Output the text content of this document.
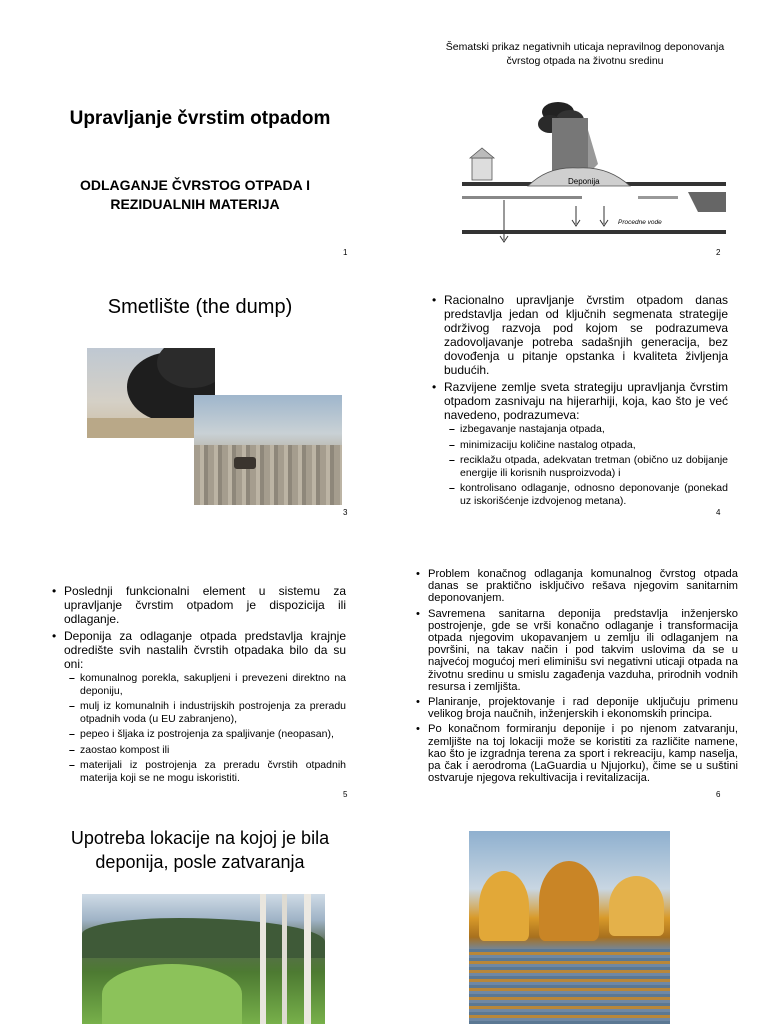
Upravljanje čvrstim otpadom
ODLAGANJE ČVRSTOG OTPADA I REZIDUALNIH MATERIJA
1
Šematski prikaz negativnih uticaja nepravilnog deponovanja čvrstog otpada na životnu sredinu
Deponija
Procedne vode
2
Smetlište (the dump)
3
• Racionalno upravljanje čvrstim otpadom danas predstavlja jedan od ključnih segmenata strategije održivog razvoja pod kojom se podrazumeva zadovoljavanje potreba sadašnjih generacija, bez dovođenja u pitanje opstanka i kvaliteta življenja budućih.
• Razvijene zemlje sveta strategiju upravljanja čvrstim otpadom zasnivaju na hijerarhiji, koja, kao što je već navedeno, podrazumeva:
– izbegavanje nastajanja otpada,
– minimizaciju količine nastalog otpada,
– reciklažu otpada, adekvatan tretman (obično uz dobijanje energije ili korisnih nusproizvoda) i
– kontrolisano odlaganje, odnosno deponovanje (ponekad uz iskorišćenje izdvojenog metana).
4
• Poslednji funkcionalni element u sistemu za upravljanje čvrstim otpadom je dispozicija ili odlaganje.
• Deponija za odlaganje otpada predstavlja krajnje odredište svih nastalih čvrstih otpadaka bilo da su oni:
– komunalnog porekla, sakupljeni i prevezeni direktno na deponiju,
– mulj iz komunalnih i industrijskih postrojenja za preradu otpadnih voda (u EU zabranjeno),
– pepeo i šljaka iz postrojenja za spaljivanje (neopasan),
– zaostao kompost ili
– materijali iz postrojenja za preradu čvrstih otpadnih materija koji se ne mogu iskoristiti.
5
• Problem konačnog odlaganja komunalnog čvrstog otpada danas se praktično isključivo rešava njegovim sanitarnim deponovanjem.
• Savremena sanitarna deponija predstavlja inženjersko postrojenje, gde se vrši konačno odlaganje i transformacija otpada njegovim ukopavanjem u zemlju ili odlaganjem na površini, na takav način i pod takvim uslovima da se u najvećoj mogućoj meri eliminišu svi negativni uticaji otpada na životnu sredinu u smislu zagađenja vazduha, prirodnih vodnih resursa i zemljišta.
• Planiranje, projektovanje i rad deponije uključuju primenu velikog broja naučnih, inženjerskih i ekonomskih principa.
• Po konačnom formiranju deponije i po njenom zatvaranju, zemljište na toj lokaciji može se koristiti za različite namene, kao što je izgradnja terena za sport i rekreaciju, kamp naselja, pa čak i aerodroma (LaGuardia u Njujorku), čime se u suštini ostvaruje njegova rekultivacija i revitalizacija.
6
Upotreba lokacije na kojoj je bila deponija, posle zatvaranja
